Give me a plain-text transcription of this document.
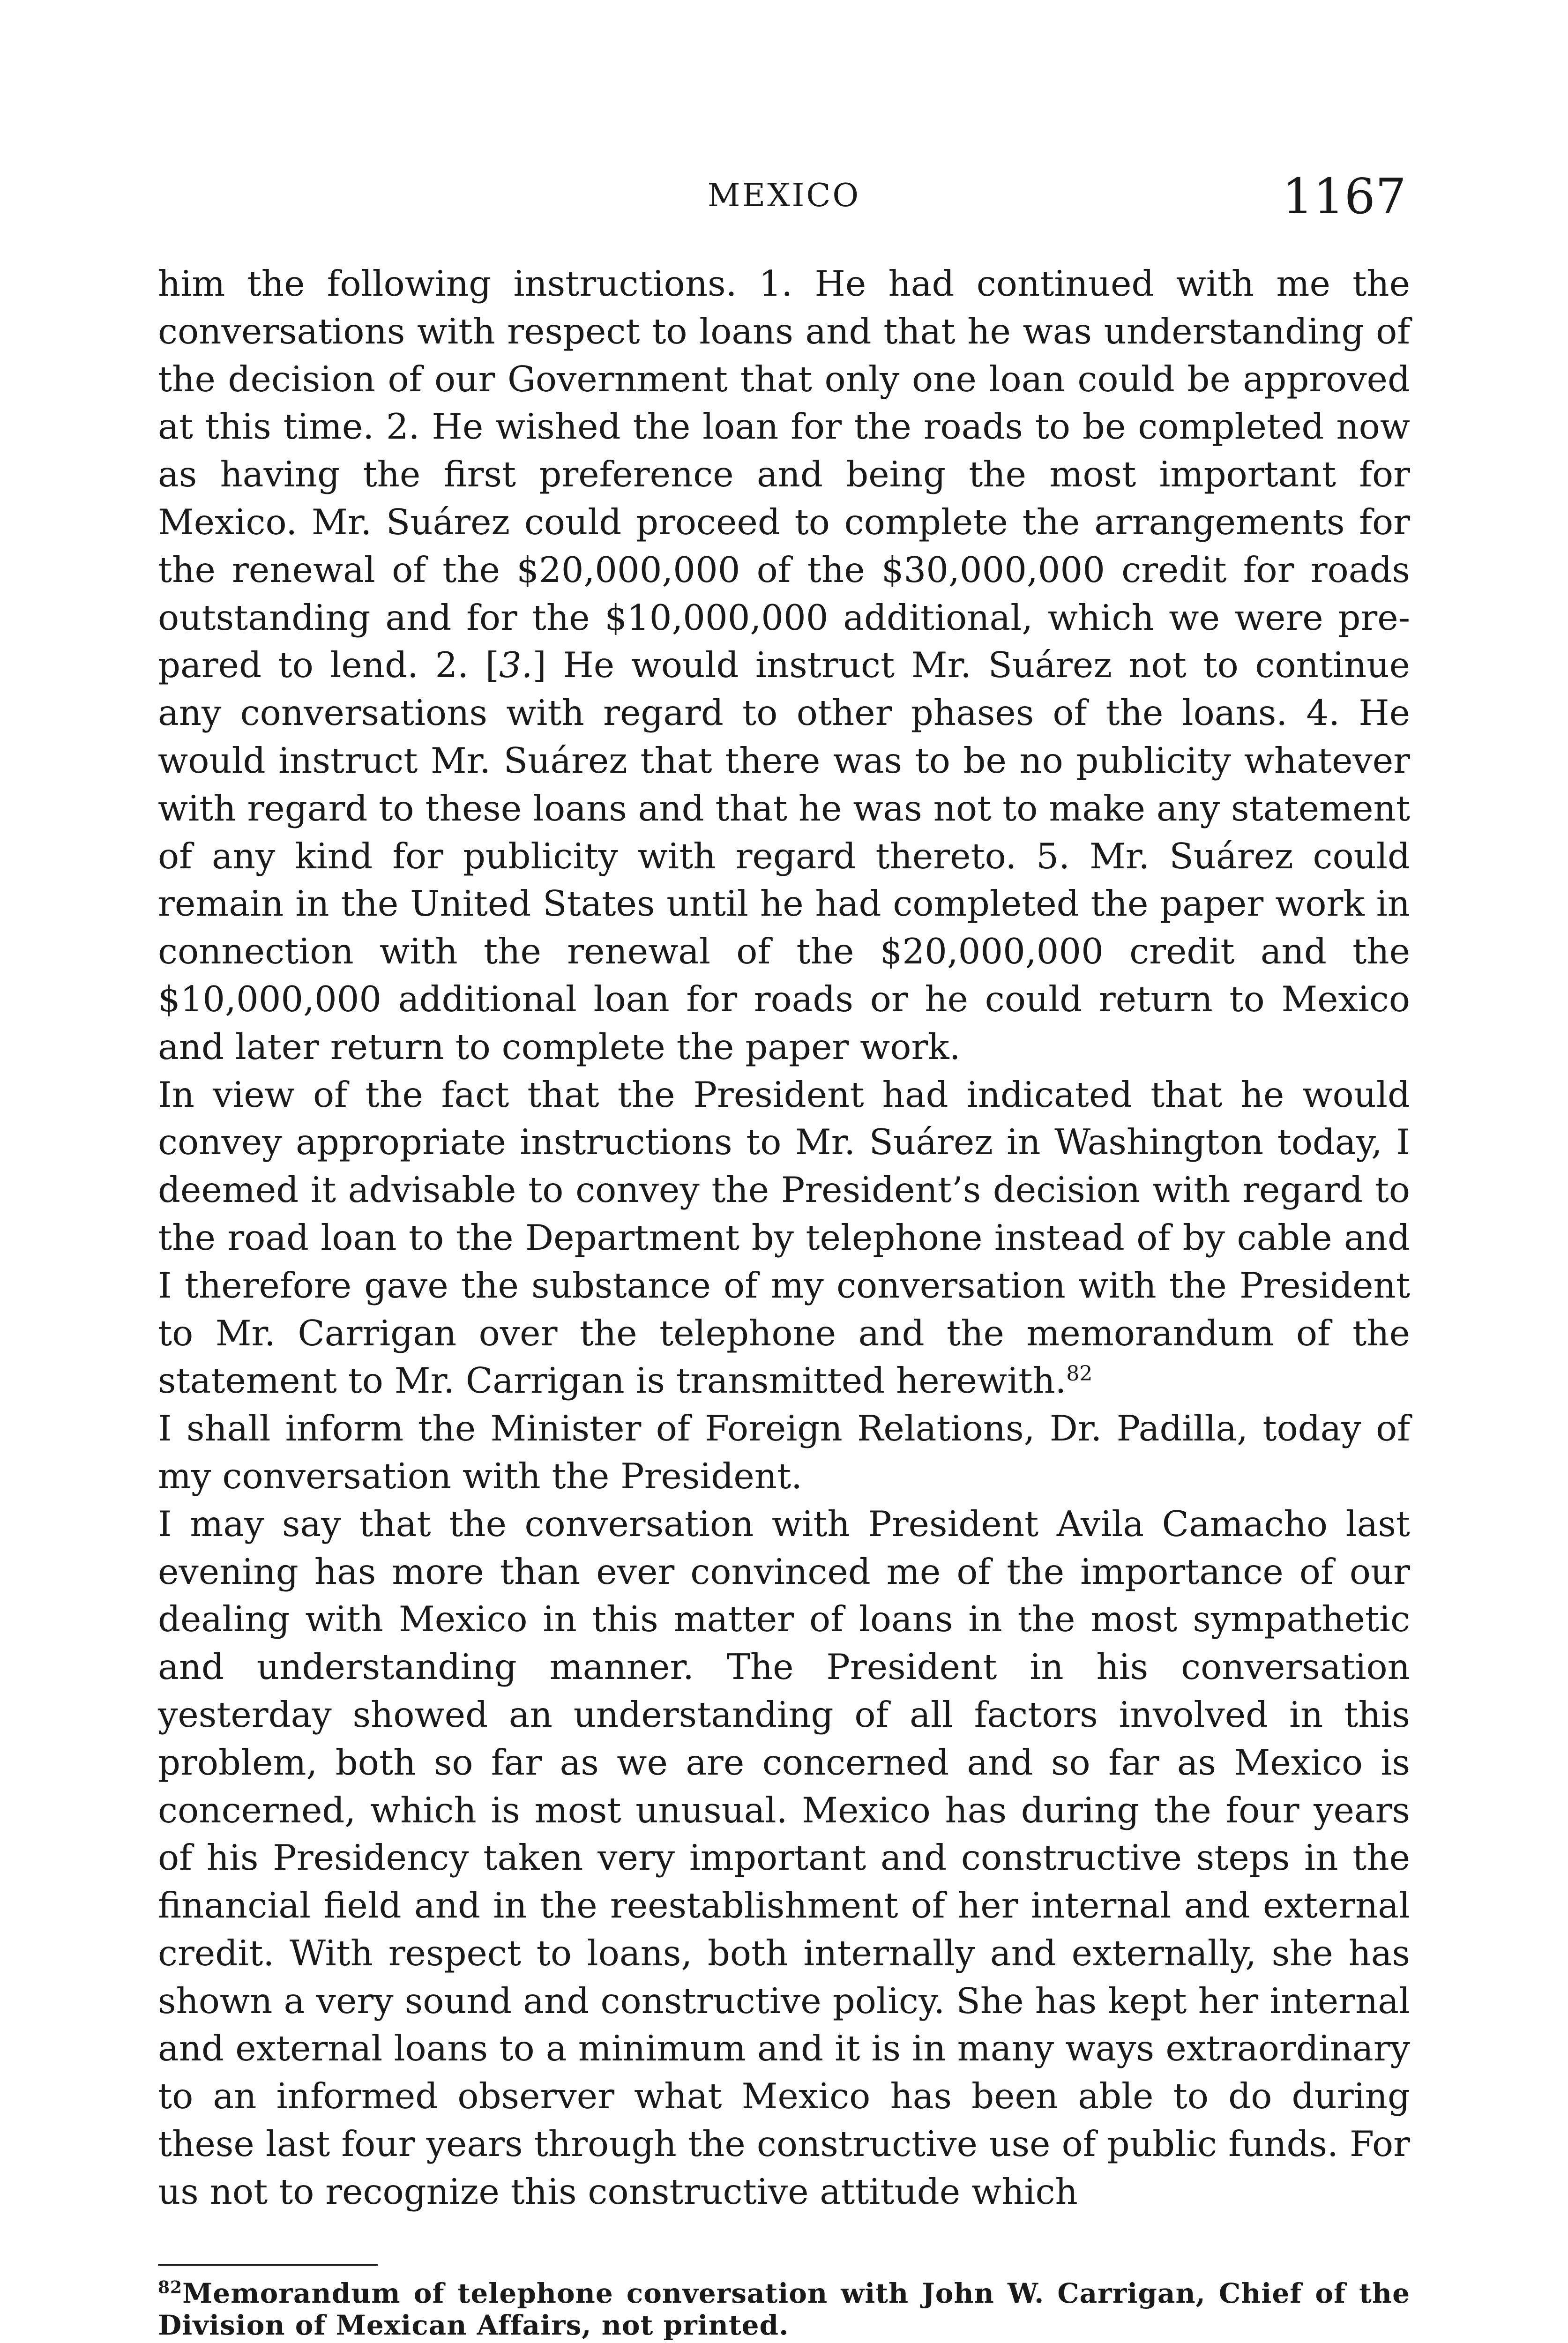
MEXICO	1167

him the following instructions. 1. He had continued with me the conversations with respect to loans and that he was understanding of the decision of our Government that only one loan could be approved at this time. 2. He wished the loan for the roads to be completed now as having the first preference and being the most important for Mexico. Mr. Suárez could proceed to complete the arrangements for the renewal of the $20,000,000 of the $30,000,000 credit for roads outstanding and for the $10,000,000 additional, which we were prepared to lend. 2. [3.] He would instruct Mr. Suárez not to continue any conversations with regard to other phases of the loans. 4. He would instruct Mr. Suárez that there was to be no publicity whatever with regard to these loans and that he was not to make any statement of any kind for publicity with regard thereto. 5. Mr. Suárez could remain in the United States until he had completed the paper work in connection with the renewal of the $20,000,000 credit and the $10,000,000 additional loan for roads or he could return to Mexico and later return to complete the paper work.

In view of the fact that the President had indicated that he would convey appropriate instructions to Mr. Suárez in Washington today, I deemed it advisable to convey the President’s decision with regard to the road loan to the Department by telephone instead of by cable and I therefore gave the substance of my conversation with the President to Mr. Carrigan over the telephone and the memorandum of the statement to Mr. Carrigan is transmitted herewith.$^{82}$

I shall inform the Minister of Foreign Relations, Dr. Padilla, today of my conversation with the President.

I may say that the conversation with President Avila Camacho last evening has more than ever convinced me of the importance of our dealing with Mexico in this matter of loans in the most sympathetic and understanding manner. The President in his conversation yesterday showed an understanding of all factors involved in this problem, both so far as we are concerned and so far as Mexico is concerned, which is most unusual. Mexico has during the four years of his Presidency taken very important and constructive steps in the financial field and in the reestablishment of her internal and external credit. With respect to loans, both internally and externally, she has shown a very sound and constructive policy. She has kept her internal and external loans to a minimum and it is in many ways extraordinary to an informed observer what Mexico has been able to do during these last four years through the constructive use of public funds. For us not to recognize this constructive attitude which

$^{82}$Memorandum of telephone conversation with John W. Carrigan, Chief of the Division of Mexican Affairs, not printed.
